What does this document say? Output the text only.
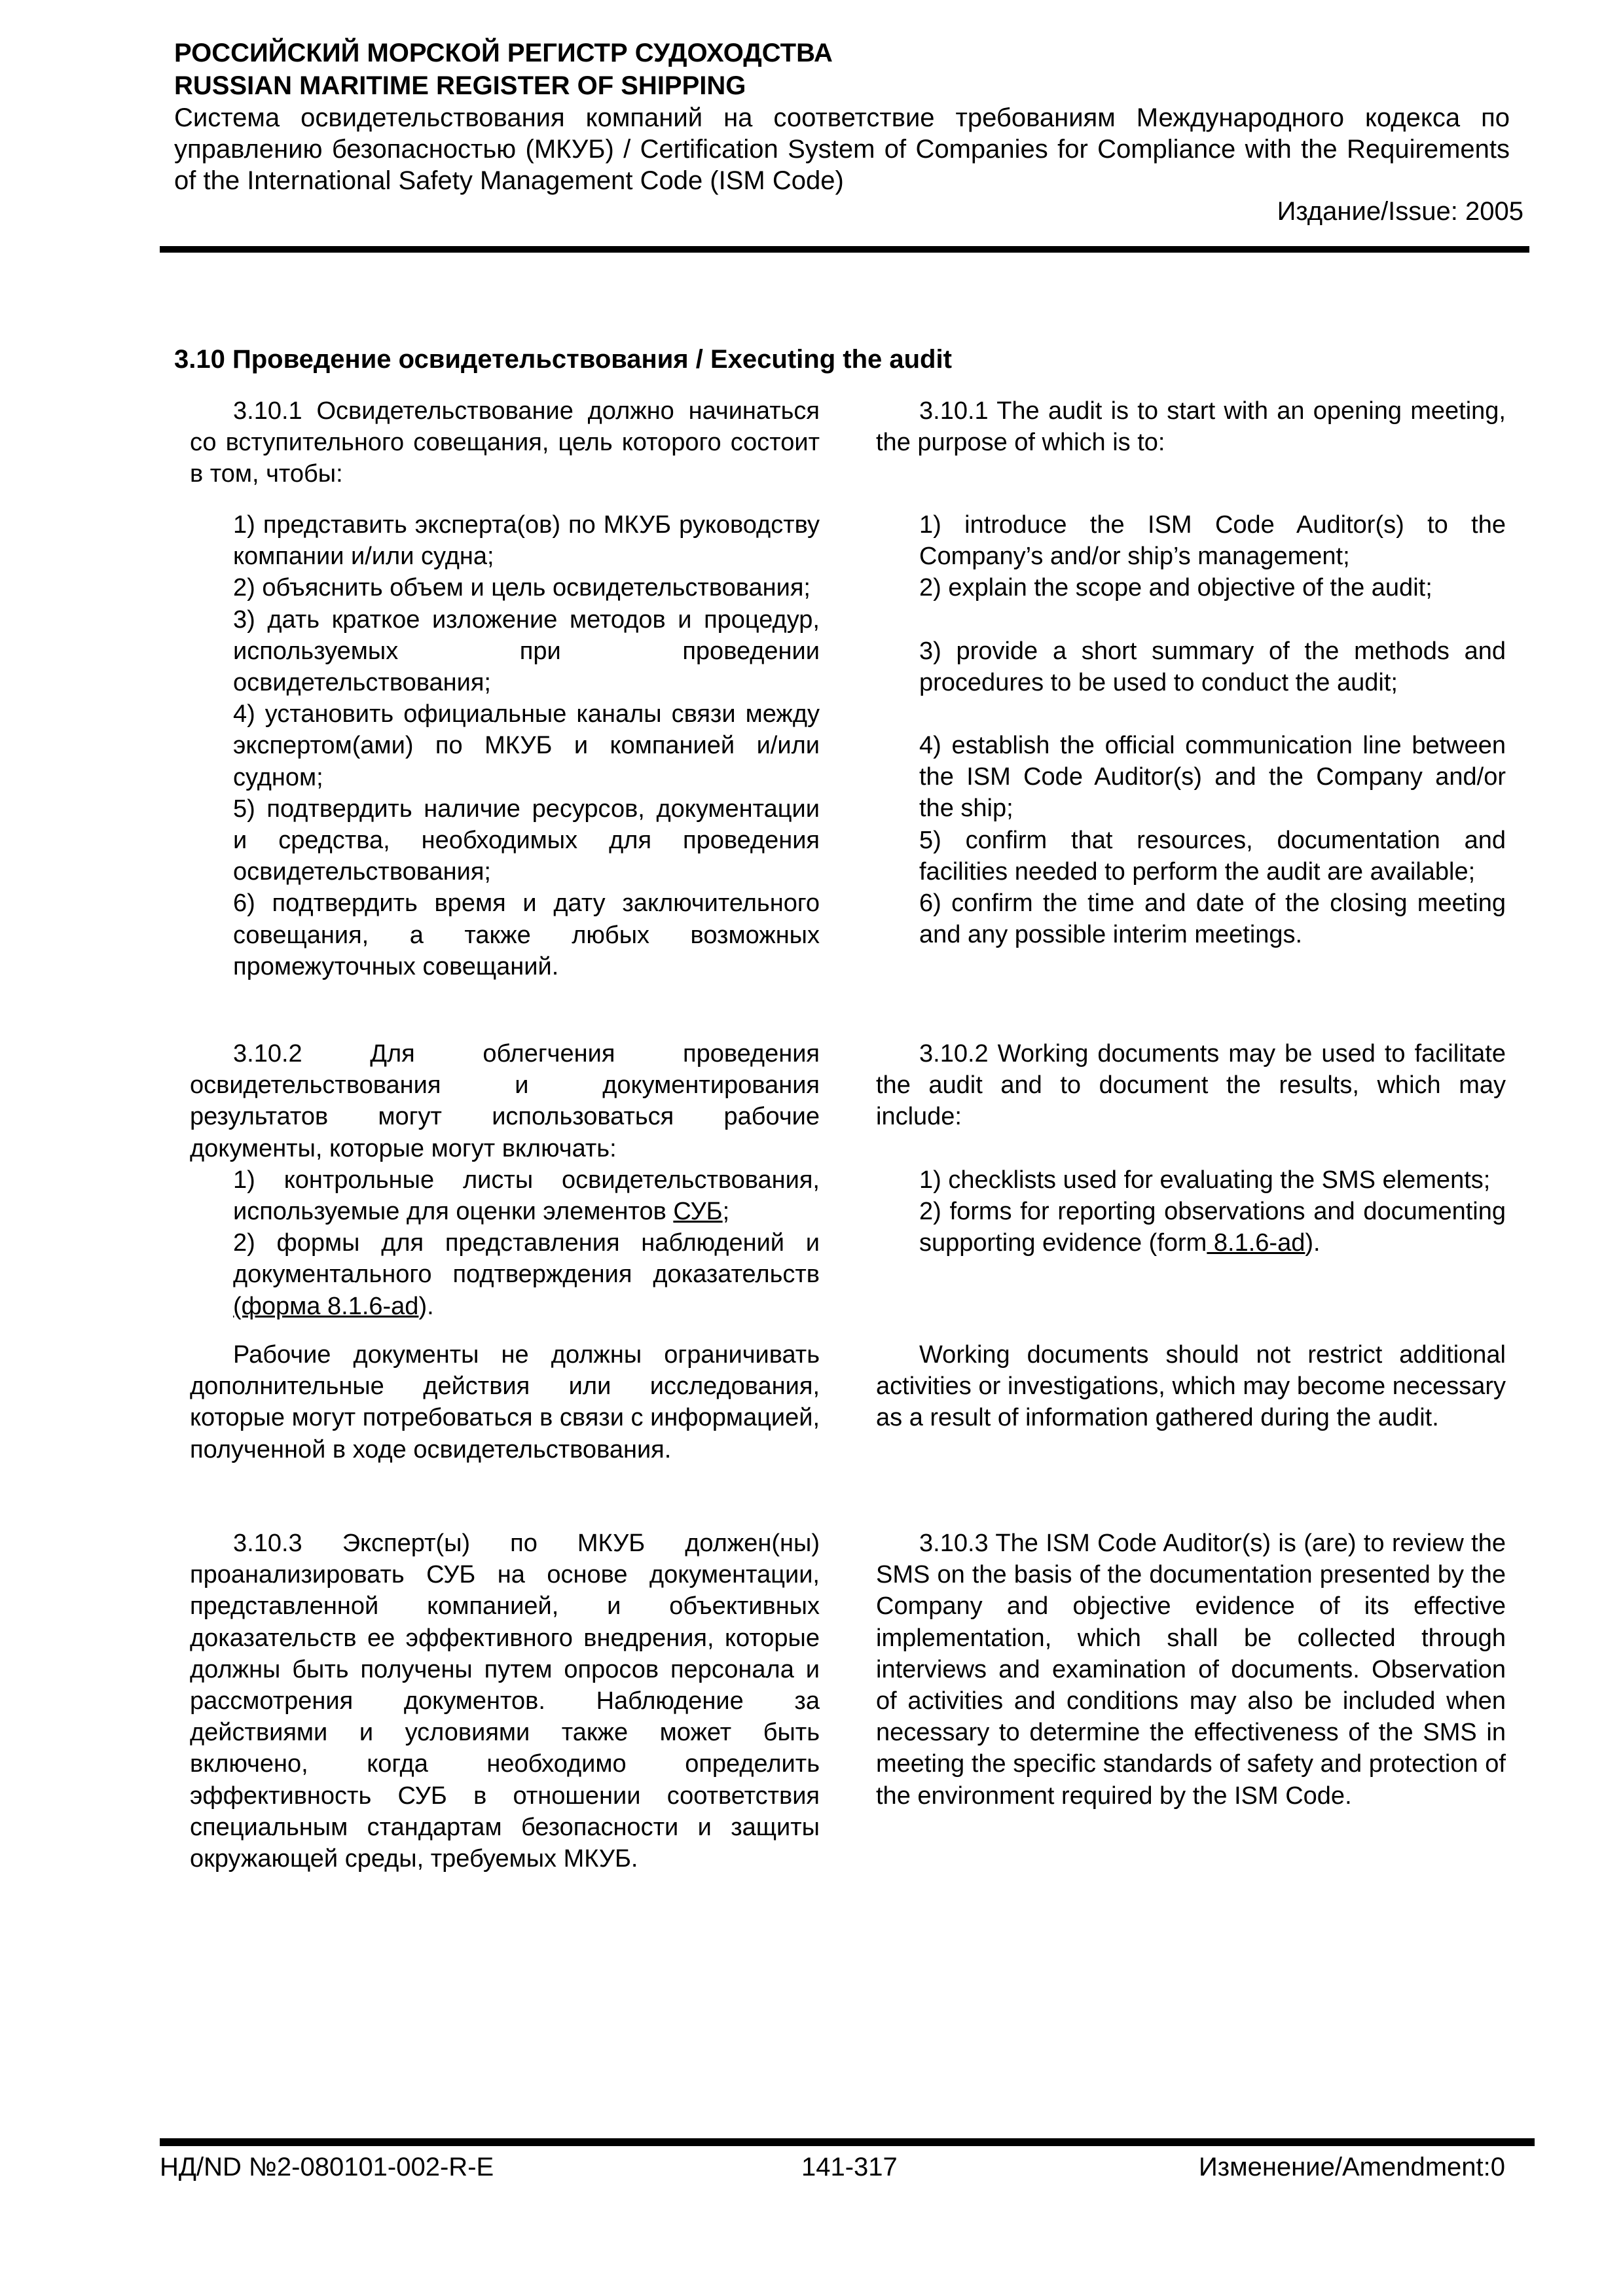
РОССИЙСКИЙ МОРСКОЙ РЕГИСТР СУДОХОДСТВА
RUSSIAN MARITIME REGISTER OF SHIPPING
Система освидетельствования компаний на соответствие требованиям Международного кодекса по управлению безопасностью (МКУБ) / Certification System of Companies for Compliance with the Requirements of the International Safety Management Code (ISM Code)
Издание/Issue: 2005
3.10 Проведение освидетельствования / Executing the audit

3.10.1 Освидетельствование должно начинаться со вступительного совещания, цель которого состоит в том, чтобы:

1) представить эксперта(ов) по МКУБ руководству компании и/или судна;

2) объяснить объем и цель освидетельствования;

3) дать краткое изложение методов и процедур, используемых при проведении освидетельствования;

4) установить официальные каналы связи между экспертом(ами) по МКУБ и компанией и/или судном;

5) подтвердить наличие ресурсов, документации и средства, необходимых для проведения освидетельствования;

6) подтвердить время и дату заключительного совещания, а также любых возможных промежуточных совещаний.

3.10.2 Для облегчения проведения освидетельствования и документирования результатов могут использоваться рабочие документы, которые могут включать:

1) контрольные листы освидетельствования, используемые для оценки элементов СУБ;

2) формы для представления наблюдений и документального подтверждения доказательств (форма 8.1.6-ad).

Рабочие документы не должны ограничивать дополнительные действия или исследования, которые могут потребоваться в связи с информацией, полученной в ходе освидетельствования.

3.10.3 Эксперт(ы) по МКУБ должен(ны) проанализировать СУБ на основе документации, представленной компанией, и объективных доказательств ее эффективного внедрения, которые должны быть получены путем опросов персонала и рассмотрения документов. Наблюдение за действиями и условиями также может быть включено, когда необходимо определить эффективность СУБ в отношении соответствия специальным стандартам безопасности и защиты окружающей среды, требуемых МКУБ.

3.10.1 The audit is to start with an opening meeting, the purpose of which is to:

1) introduce the ISM Code Auditor(s) to the Company’s and/or ship’s management;

2) explain the scope and objective of the audit;

3) provide a short summary of the methods and procedures to be used to conduct the audit;

4) establish the official communication line between the ISM Code Auditor(s) and the Company and/or the ship;

5) confirm that resources, documentation and facilities needed to perform the audit are available;

6) confirm the time and date of the closing meeting and any possible interim meetings.

3.10.2 Working documents may be used to facilitate the audit and to document the results, which may include:

1) checklists used for evaluating the SMS elements;

2) forms for reporting observations and documenting supporting evidence (form 8.1.6-ad).

Working documents should not restrict additional activities or investigations, which may become necessary as a result of information gathered during the audit.

3.10.3 The ISM Code Auditor(s) is (are) to review the SMS on the basis of the documentation presented by the Company and objective evidence of its effective implementation, which shall be collected through interviews and examination of documents. Observation of activities and conditions may also be included when necessary to determine the effectiveness of the SMS in meeting the specific standards of safety and protection of the environment required by the ISM Code.

НД/ND №2-080101-002-R-E	141-317	Изменение/Amendment:0
